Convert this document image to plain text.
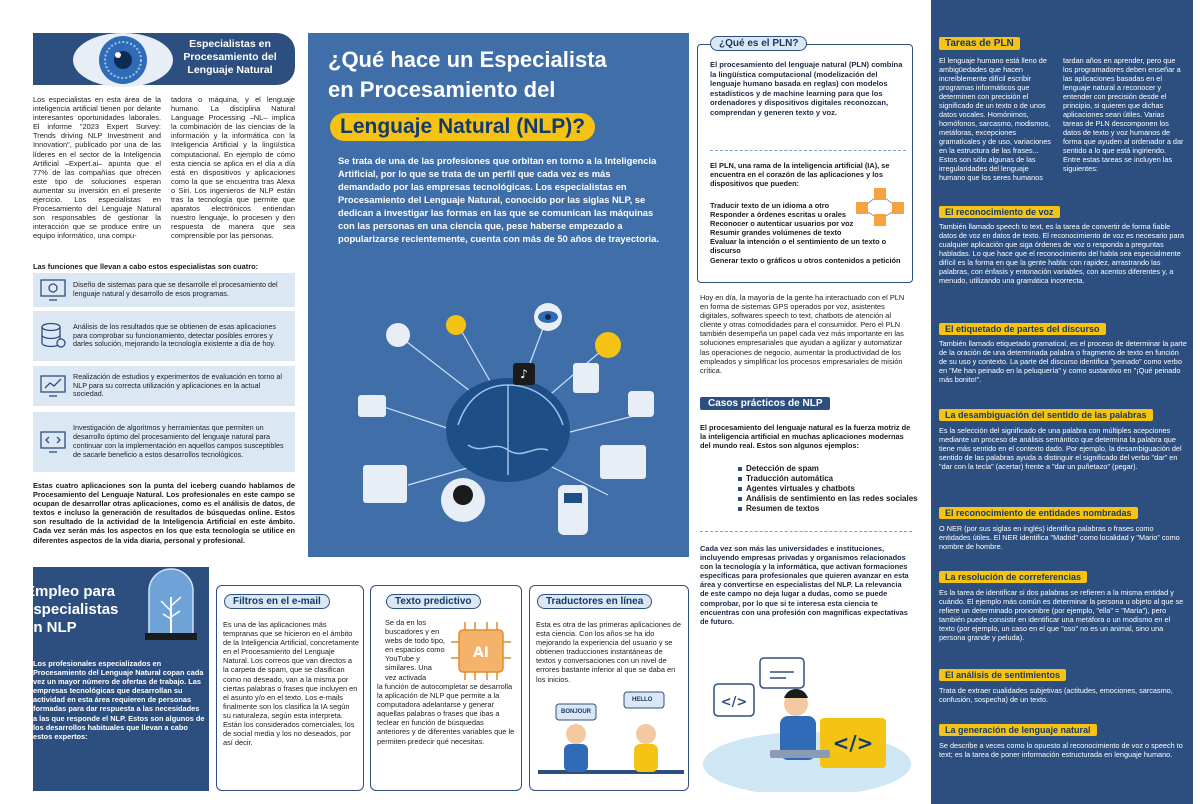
Especialistas en Procesamiento del Lenguaje Natural
Los especialistas en esta área de la inteligencia artificial tienen por delante interesantes oportunidades laborales. El informe "2023 Expert Survey: Trends driving NLP Investment and Innovation", publicado por una de las líderes en el sector de la Inteligencia Artificial –Expert.ai– apunta que el 77% de las compañías que ofrecen este tipo de soluciones esperan aumentar su inversión en el presente ejercicio. Los especialistas en Procesamiento del Lenguaje Natural son responsables de gestionar la interacción que se produce entre un equipo informático, una compu-
tadora o máquina, y el lenguaje humano. La disciplina Natural Language Processing –NL– implica la combinación de las ciencias de la información y la informática con la Inteligencia Artificial y la lingüística computacional. En ejemplo de cómo esta ciencia se aplica en el día a día está en dispositivos y aplicaciones como la que se encuentra tras Alexa o Siri. Los ingenieros de NLP están tras la tecnología que permite que aparatos electrónicos entiendan nuestro lenguaje, lo procesen y den respuesta de manera que sea comprensible por las personas.
Las funciones que llevan a cabo estos especialistas son cuatro:
Diseño de sistemas para que se desarrolle el procesamiento del lenguaje natural y desarrollo de esos programas.
Análisis de los resultados que se obtienen de esas aplicaciones para comprobar su funcionamiento, detectar posibles errores y darles solución, mejorando la tecnología existente a día de hoy.
Realización de estudios y experimentos de evaluación en torno al NLP para su correcta utilización y aplicaciones en la actual sociedad.
Investigación de algoritmos y herramientas que permiten un desarrollo óptimo del procesamiento del lenguaje natural para continuar con la implementación en aquellos campos susceptibles de sacarle beneficio a estos desarrollos tecnológicos.
Estas cuatro aplicaciones son la punta del iceberg cuando hablamos de Procesamiento del Lenguaje Natural. Los profesionales en este campo se ocupan de desarrollar otras aplicaciones, como es el análisis de datos, de textos e incluso la generación de resultados de búsquedas online. Estos son resultado de la actividad de la Inteligencia Artificial en este ámbito. Cada vez serán más los aspectos en los que esta tecnología se utilice en diferentes aspectos de la vida diaria, personal y profesional.
¿Qué hace un Especialista
en Procesamiento del
Lenguaje Natural (NLP)?
Se trata de una de las profesiones que orbitan en torno a la Inteligencia Artificial, por lo que se trata de un perfil que cada vez es más demandado por las empresas tecnológicas. Los especialistas en Procesamiento del Lenguaje Natural, conocido por las siglas NLP, se dedican a investigar las formas en las que se comunican las máquinas con las personas en una ciencia que, pese haberse empezado a popularizarse recientemente, cuenta con más de 50 años de trayectoria.
♪
Empleo para especialistas en NLP
Los profesionales especializados en Procesamiento del Lenguaje Natural copan cada vez un mayor número de ofertas de trabajo. Las empresas tecnológicas que desarrollan su actividad en esta área requieren de personas formadas para dar respuesta a las necesidades a las que responde el NLP. Estos son algunos de los desarrollos habituales que llevan a cabo estos expertos:
Es una de las aplicaciones más tempranas que se hicieron en el ámbito de la Inteligencia Artificial, concretamente en el Procesamiento del Lenguaje Natural. Los correos que van directos a la carpeta de spam, que se clasifican como no deseado, van a la misma por ciertas palabras o frases que incluyen en el asunto y/o en el texto. Los e-mails finalmente son los clasifica la IA según su naturaleza, según esta interpreta. Están los considerados comerciales, los de social media y los no deseados, por así decir.
Filtros en el e-mail
Se da en los buscadores y en webs de todo tipo, en espacios como YouTube y similares. Una vez activada
AI
la función de autocompletar se desarrolla la aplicación de NLP que permite a la computadora adelantarse y generar aquellas palabras o frases que ibas a teclear en función de búsquedas anteriores y de diferentes variables que le permiten predecir qué necesitas.
Texto predictivo
Esta es otra de las primeras aplicaciones de esta ciencia. Con los años se ha ido mejorando la experiencia del usuario y se obtienen traducciones instantáneas de textos y conversaciones con un nivel de errores bastante inferior al que se daba en los inicios.
BONJOUR
HELLO
Traductores en línea
¿Qué es el PLN?
El procesamiento del lenguaje natural (PLN) combina la lingüística computacional (modelización del lenguaje humano basada en reglas) con modelos estadísticos y de machine learning para que los ordenadores y dispositivos digitales reconozcan, comprendan y generen texto y voz.
El PLN, una rama de la inteligencia artificial (IA), se encuentra en el corazón de las aplicaciones y los dispositivos que pueden:
Traducir texto de un idioma a otro
Responder a órdenes escritas u orales
Reconocer o autenticar usuarios por voz
Resumir grandes volúmenes de texto
Evaluar la intención o el sentimiento de un texto o discurso
Generar texto o gráficos u otros contenidos a petición
Hoy en día, la mayoría de la gente ha interactuado con el PLN en forma de sistemas GPS operados por voz, asistentes digitales, softwares speech to text, chatbots de atención al cliente y otras comodidades para el consumidor. Pero el PLN también desempeña un papel cada vez más importante en las soluciones empresariales que ayudan a agilizar y automatizar las operaciones de negocio, aumentar la productividad de los empleados y simplificar los procesos empresariales de misión crítica.
Casos prácticos de NLP
El procesamiento del lenguaje natural es la fuerza motriz de la inteligencia artificial en muchas aplicaciones modernas del mundo real. Estos son algunos ejemplos:
Detección de spam
Traducción automática
Agentes virtuales y chatbots
Análisis de sentimiento en las redes sociales
Resumen de textos
Cada vez son más las universidades e instituciones, incluyendo empresas privadas y organismos relacionados con la tecnología y la informática, que activan formaciones específicas para profesionales que quieren avanzar en esta área y convertirse en especialistas del NLP. La relevancia de este campo no deja lugar a dudas, como se puede comprobar, por lo que si te interesa esta ciencia te encuentras con una profesión con magníficas expectativas de futuro.
</>
</>
Tareas de PLN
El lenguaje humano está lleno de ambigüedades que hacen increíblemente difícil escribir programas informáticos que determinen con precisión el significado de un texto o de unos datos vocales. Homónimos, homófonos, sarcasmo, modismos, metáforas, excepciones gramaticales y de uso, variaciones en la estructura de las frases... Estos son sólo algunas de las irregularidades del lenguaje humano que los seres humanos
tardan años en aprender, pero que los programadores deben enseñar a las aplicaciones basadas en el lenguaje natural a reconocer y entender con precisión desde el principio, si quieren que dichas aplicaciones sean útiles. Varias tareas de PLN descomponen los datos de texto y voz humanos de forma que ayuden al ordenador a dar sentido a lo que está ingiriendo. Entre estas tareas se incluyen las siguientes:
El reconocimiento de voz
También llamado speech to text, es la tarea de convertir de forma fiable datos de voz en datos de texto. El reconocimiento de voz es necesario para cualquier aplicación que siga órdenes de voz o responda a preguntas habladas. Lo que hace que el reconocimiento del habla sea especialmente difícil es la forma en que la gente habla: con rapidez, arrastrando las palabras, con énfasis y entonación variables, con acentos diferentes y, a menudo, utilizando una gramática incorrecta.
El etiquetado de partes del discurso
También llamado etiquetado gramatical, es el proceso de determinar la parte de la oración de una determinada palabra o fragmento de texto en función de su uso y contexto. La parte del discurso identifica "peinado" como verbo en "Me han peinado en la peluquería" y como sustantivo en "¡Qué peinado más bonito!".
La desambiguación del sentido de las palabras
Es la selección del significado de una palabra con múltiples acepciones mediante un proceso de análisis semántico que determina la palabra que tiene más sentido en el contexto dado. Por ejemplo, la desambiguación del sentido de las palabras ayuda a distinguir el significado del verbo "dar" en "dar con la tecla" (acertar) frente a "dar un puñetazo" (pegar).
El reconocimiento de entidades nombradas
O NER (por sus siglas en inglés) identifica palabras o frases como entidades útiles. El NER identifica "Madrid" como localidad y "Mario" como nombre de hombre.
La resolución de correferencias
Es la tarea de identificar si dos palabras se refieren a la misma entidad y cuándo. El ejemplo más común es determinar la persona u objeto al que se refiere un determinado pronombre (por ejemplo, "ella" = "María"), pero también puede consistir en identificar una metáfora o un modismo en el texto (por ejemplo, un caso en el que "oso" no es un animal, sino una persona grande y peluda).
El análisis de sentimientos
Trata de extraer cualidades subjetivas (actitudes, emociones, sarcasmo, confusión, sospecha) de un texto.
La generación de lenguaje natural
Se describe a veces como lo opuesto al reconocimiento de voz o speech to text; es la tarea de poner información estructurada en lenguaje humano.
